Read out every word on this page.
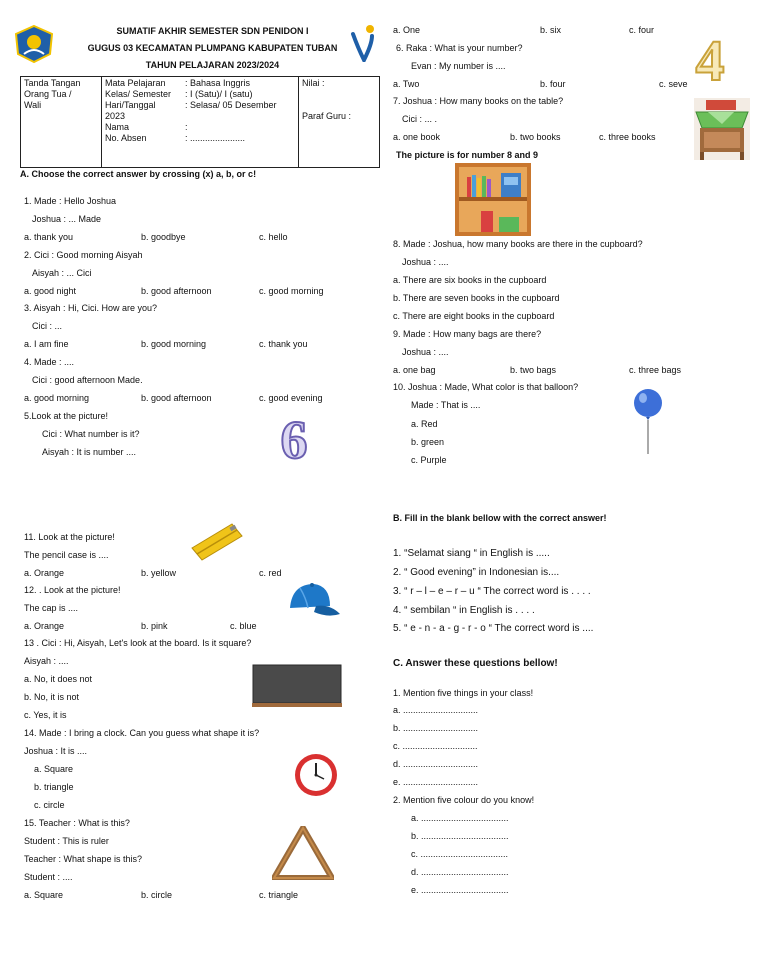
SUMATIF AKHIR SEMESTER SDN PENIDON I
GUGUS 03 KECAMATAN PLUMPANG KABUPATEN TUBAN
TAHUN PELAJARAN 2023/2024
Tanda Tangan
Orang Tua /
Wali

Mata Pelajaran : Bahasa Inggris
Kelas/ Semester : I (Satu)/ I (satu)
Hari/Tanggal	: Selasa/ 05 Desember
2023
Nama	:
No. Absen	: ......................

Nilai :
Paraf Guru :
A. Choose the correct answer by crossing (x) a, b, or c!
1. Made : Hello Joshua
Joshua : ... Made
a. thank you	b. goodbye	c. hello
2. Cici : Good morning Aisyah
Aisyah : ... Cici
a. good night	b. good afternoon	c. good morning
3. Aisyah : Hi, Cici. How are you?
Cici : ...
a. I am fine	b. good morning	c. thank you
4. Made : ....
Cici : good afternoon Made.
a. good morning	b. good afternoon	c. good evening
5.Look at the picture!
Cici : What number is it?
Aisyah : It is number ....	6
a. One	b. six	c. four
6. Raka : What is your number?
Evan : My number is ....
a. Two	b. four	c. seve 4
7. Joshua : How many books on the table?
Cici : ... .
a. one book	b. two books	c. three books
The picture is for number 8 and 9
8. Made : Joshua, how many books are there in the cupboard?
Joshua : ....
a. There are six books in the cupboard
b. There are seven books in the cupboard
c. There are eight books in the cupboard
9. Made : How many bags are there?
Joshua : ....
a. one bag	b. two bags	c. three bags
10. Joshua : Made, What color is that balloon?
Made : That is ....
a. Red
b. green
c. Purple
11. Look at the picture!
The pencil case is ....
a. Orange	b. yellow	c. red
12. . Look at the picture!
The cap is ....
a. Orange	b. pink	c. blue
13 . Cici : Hi, Aisyah, Let's look at the board. Is it square?
Aisyah : ....
a. No, it does not
b. No, it is not
c. Yes, it is
14. Made : I bring a clock. Can you guess what shape it is?
Joshua : It is ....
a. Square
b. triangle
c. circle
15. Teacher : What is this?
Student : This is ruler
Teacher : What shape is this?
Student : ....
a. Square	b. circle	c. triangle
B. Fill in the blank bellow with the correct answer!
1. “Selamat siang “ in English is .....
2. “ Good evening” in Indonesian is....
3. “ r – l – e – r – u “ The correct word is . . . .
4. “ sembilan “ in English is . . . .
5. “ e - n - a - g - r - o “ The correct word is ....
C. Answer these questions bellow!
1. Mention five things in your class!
a. ..............................
b. ..............................
c. ..............................
d. ..............................
e. ..............................
2. Mention five colour do you know!
a. ...................................
b. ...................................
c. ...................................
d. ...................................
e. ...................................
